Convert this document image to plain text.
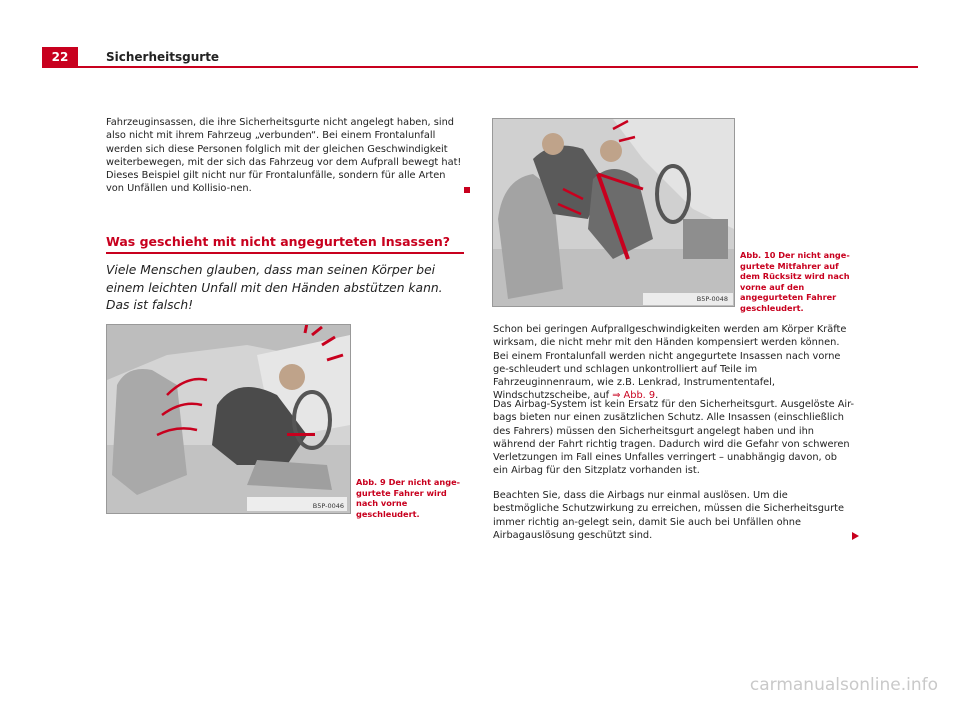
22	Sicherheitsgurte

Fahrzeuginsassen, die ihre Sicherheitsgurte nicht angelegt haben, sind also nicht mit ihrem Fahrzeug „verbunden“. Bei einem Frontalunfall werden sich diese Personen folglich mit der gleichen Geschwindigkeit weiterbewegen, mit der sich das Fahrzeug vor dem Aufprall bewegt hat! Dieses Beispiel gilt nicht nur für Frontalunfälle, sondern für alle Arten von Unfällen und Kollisio-nen.

Was geschieht mit nicht angegurteten Insassen?

Viele Menschen glauben, dass man seinen Körper bei einem leichten Unfall mit den Händen abstützen kann. Das ist falsch!

B5P-0046

Abb. 9 Der nicht ange-gurtete Fahrer wird nach vorne geschleudert.

B5P-0048

Abb. 10 Der nicht ange-gurtete Mitfahrer auf dem Rücksitz wird nach vorne auf den angegurteten Fahrer geschleudert.

Schon bei geringen Aufprallgeschwindigkeiten werden am Körper Kräfte wirksam, die nicht mehr mit den Händen kompensiert werden können. Bei einem Frontalunfall werden nicht angegurtete Insassen nach vorne ge-schleudert und schlagen unkontrolliert auf Teile im Fahrzeuginnenraum, wie z.B. Lenkrad, Instrumententafel, Windschutzscheibe, auf ⇒ Abb. 9.

Das Airbag-System ist kein Ersatz für den Sicherheitsgurt. Ausgelöste Air-bags bieten nur einen zusätzlichen Schutz. Alle Insassen (einschließlich des Fahrers) müssen den Sicherheitsgurt angelegt haben und ihn während der Fahrt richtig tragen. Dadurch wird die Gefahr von schweren Verletzungen im Fall eines Unfalles verringert – unabhängig davon, ob ein Airbag für den Sitzplatz vorhanden ist.

Beachten Sie, dass die Airbags nur einmal auslösen. Um die bestmögliche Schutzwirkung zu erreichen, müssen die Sicherheitsgurte immer richtig an-gelegt sein, damit Sie auch bei Unfällen ohne Airbagauslösung geschützt sind.

carmanualsonline.info
